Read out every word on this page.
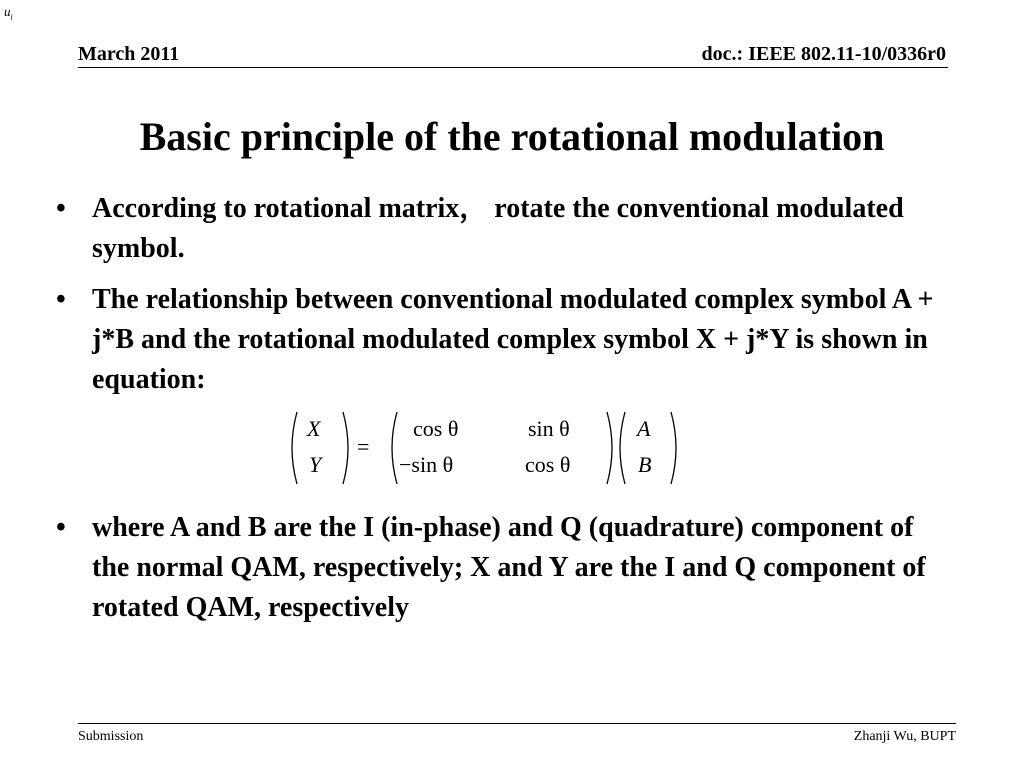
$u_i$
March 2011	doc.: IEEE 802.11-10/0336r0
Basic principle of the rotational modulation
• According to rotational matrix， rotate the conventional modulated symbol.
• The relationship between conventional modulated complex symbol A + j*B and the rotational modulated complex symbol X + j*Y is shown in equation:
X
Y
=
cos θ	sin θ
−sin θ	cos θ
A
B
• where A and B are the I (in-phase) and Q (quadrature) component of the normal QAM, respectively; X and Y are the I and Q component of rotated QAM, respectively
Submission	Zhanji Wu, BUPT
